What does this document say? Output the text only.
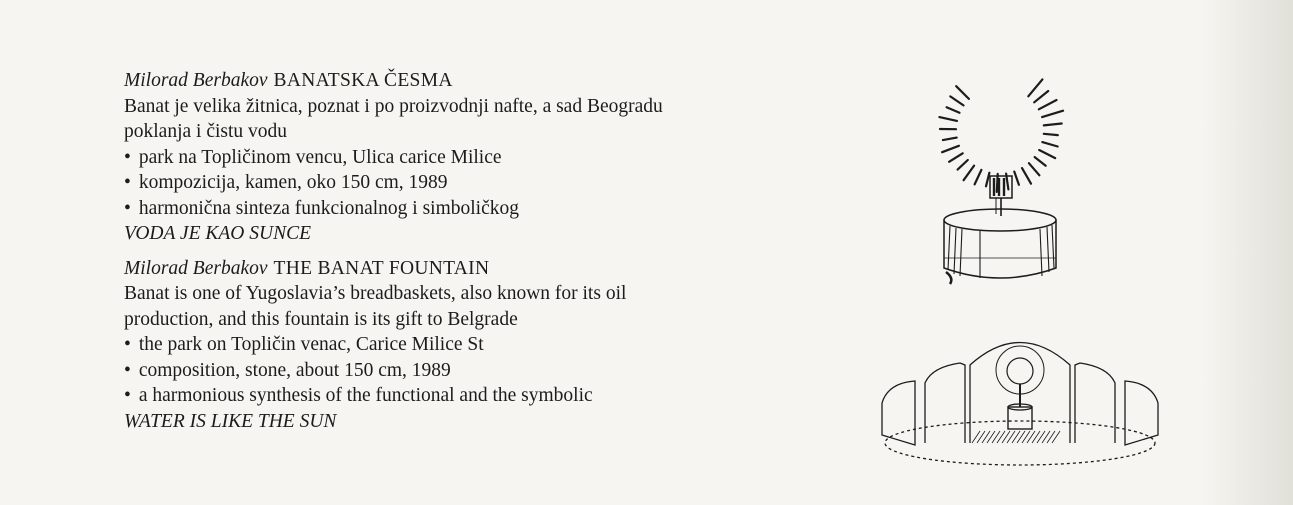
Milorad Berbakov BANATSKA ČESMA

Banat je velika žitnica, poznat i po proizvodnji nafte, a sad Beogradu

poklanja i čistu vodu

• park na Topličinom vencu, Ulica carice Milice

• kompozicija, kamen, oko 150 cm, 1989

• harmonična sinteza funkcionalnog i simboličkog

VODA JE KAO SUNCE

Milorad Berbakov THE BANAT FOUNTAIN

Banat is one of Yugoslavia’s breadbaskets, also known for its oil

production, and this fountain is its gift to Belgrade

• the park on Topličin venac, Carice Milice St

• composition, stone, about 150 cm, 1989

• a harmonious synthesis of the functional and the symbolic

WATER IS LIKE THE SUN
